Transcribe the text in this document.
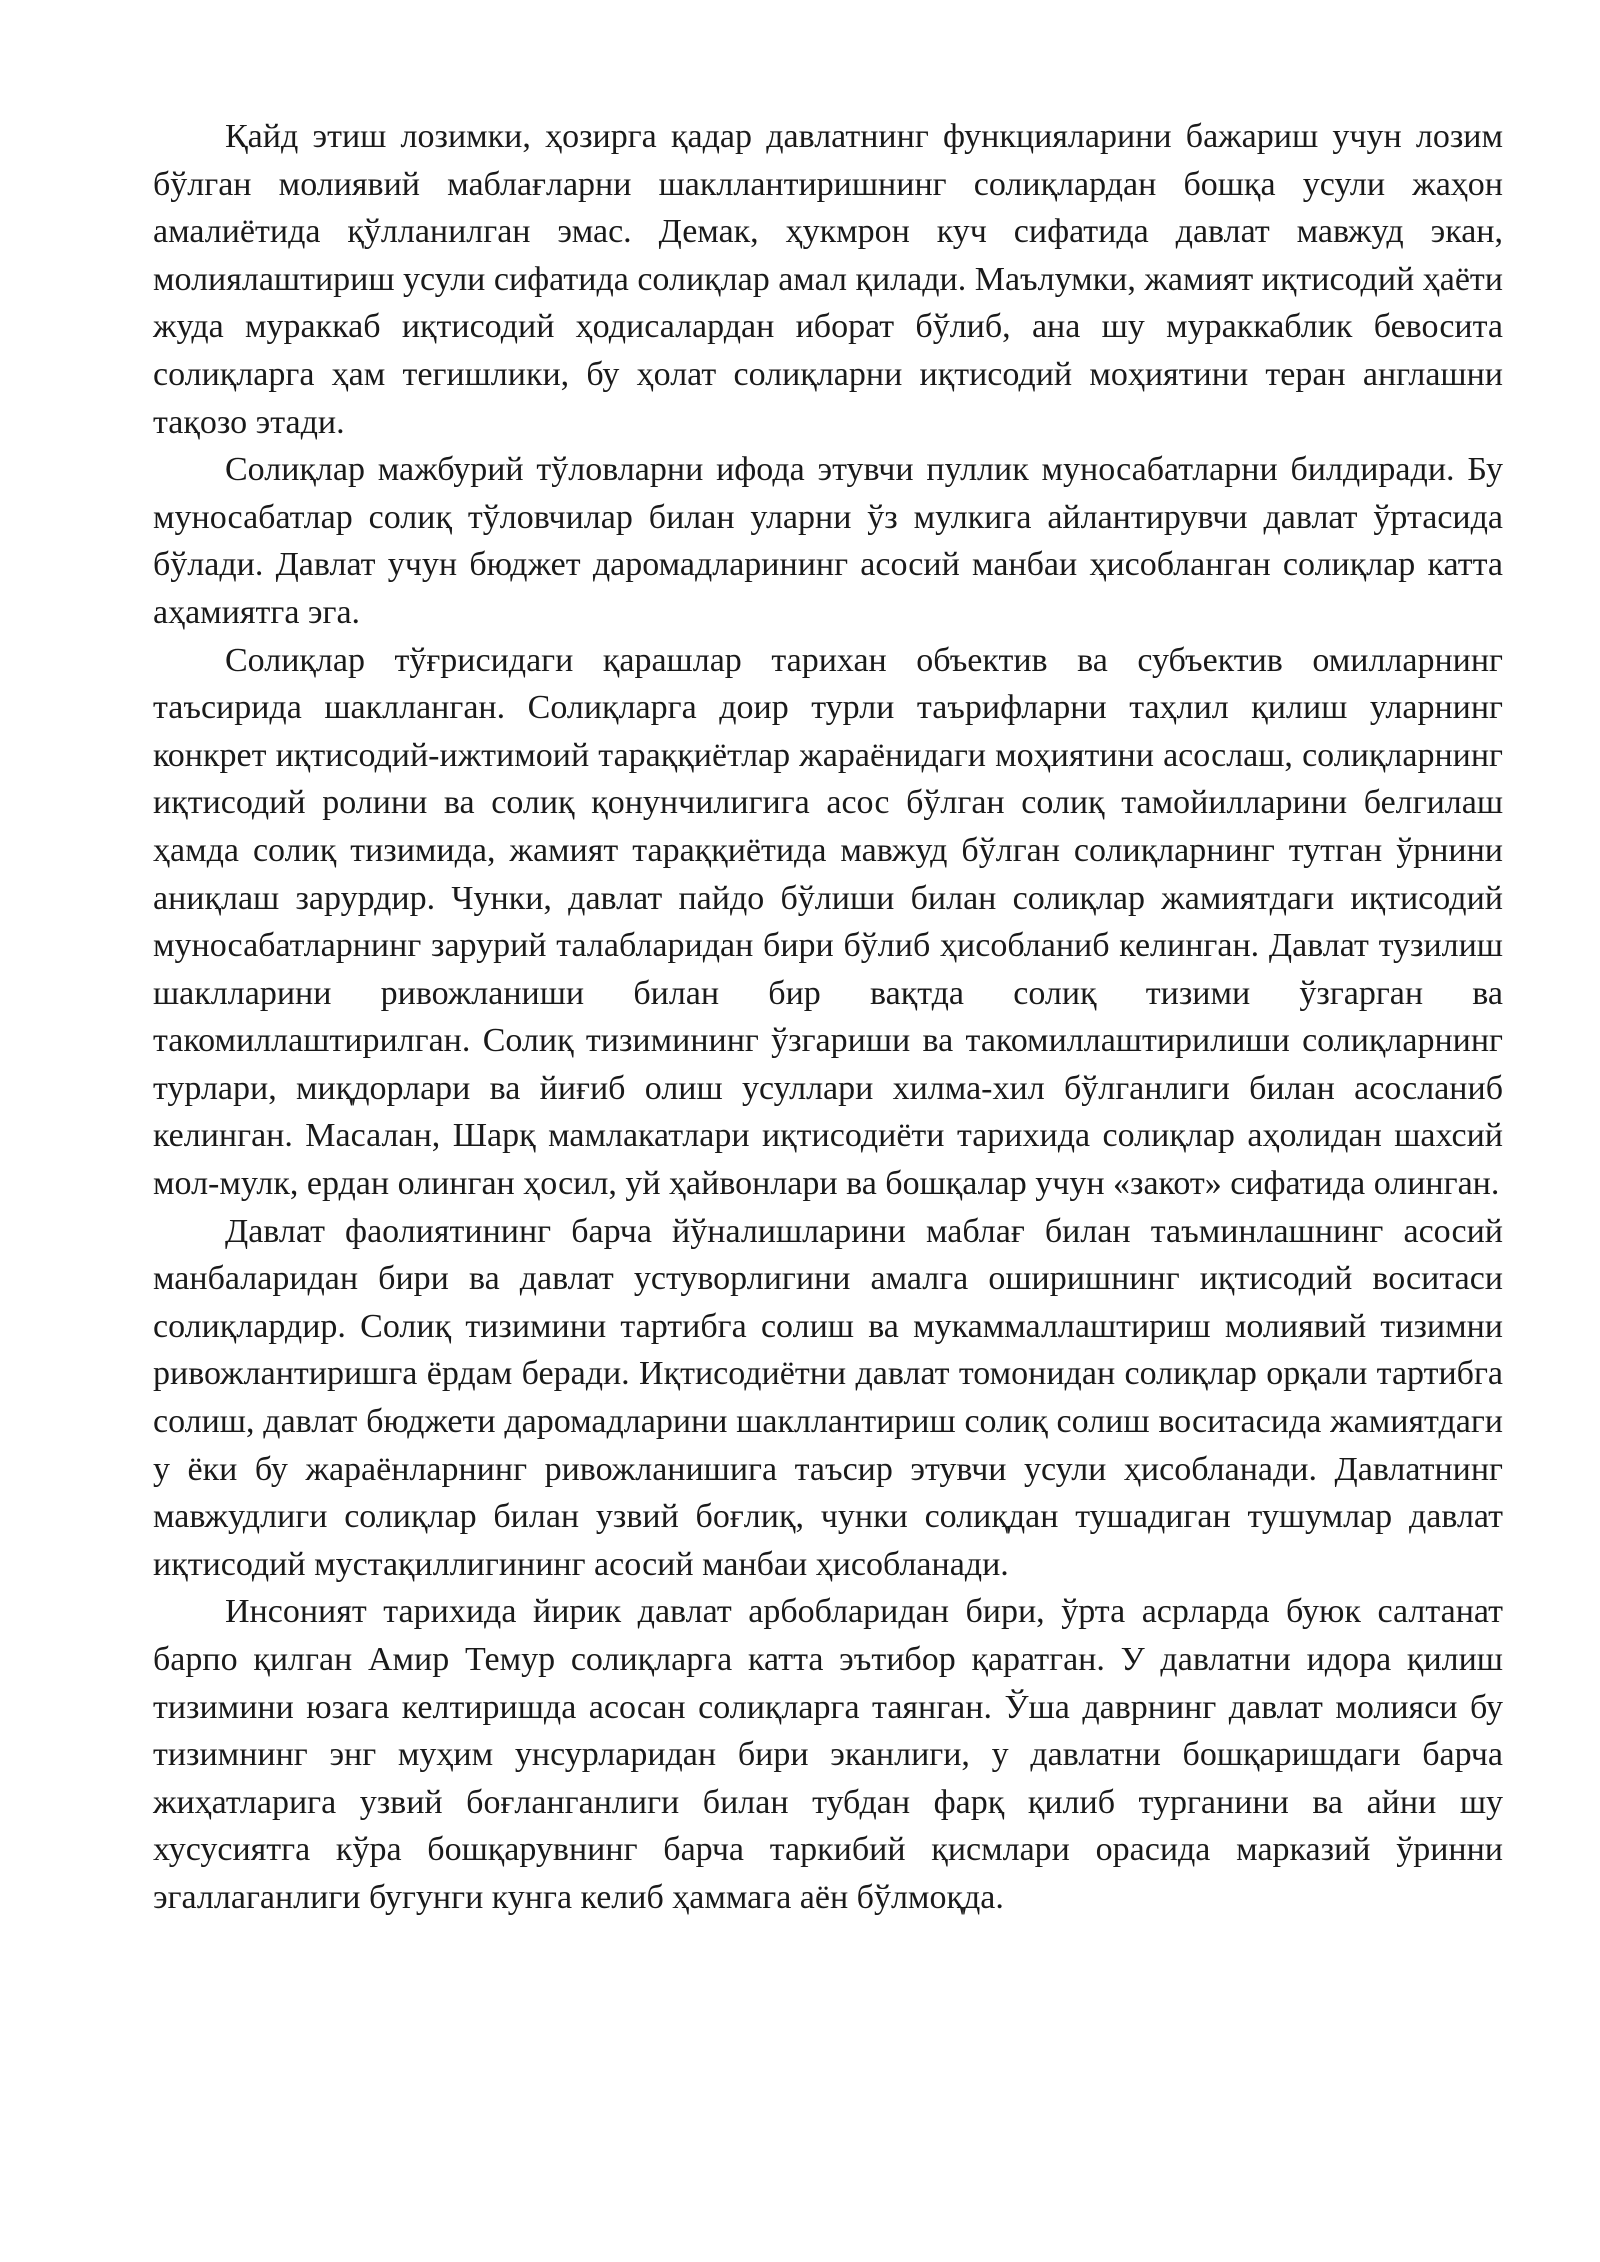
Қайд этиш лозимки, ҳозирга қадар давлатнинг функцияларини бажариш учун лозим бўлган молиявий маблағларни шакллантиришнинг солиқлардан бошқа усули жаҳон амалиётида қўлланилган эмас. Демак, ҳукмрон куч сифатида давлат мавжуд экан, молиялаштириш усули сифатида солиқлар амал қилади. Маълумки, жамият иқтисодий ҳаёти жуда мураккаб иқтисодий ҳодисалардан иборат бўлиб, ана шу мураккаблик бевосита солиқларга ҳам тегишлики, бу ҳолат солиқларни иқтисодий моҳиятини теран англашни тақозо этади.

Солиқлар мажбурий тўловларни ифода этувчи пуллик муносабатларни билдиради. Бу муносабатлар солиқ тўловчилар билан уларни ўз мулкига айлантирувчи давлат ўртасида бўлади. Давлат учун бюджет даромадларининг асосий манбаи ҳисобланган солиқлар катта аҳамиятга эга.

Солиқлар тўғрисидаги қарашлар тарихан объектив ва субъектив омилларнинг таъсирида шаклланган. Солиқларга доир турли таърифларни таҳлил қилиш уларнинг конкрет иқтисодий-ижтимоий тараққиётлар жараёнидаги моҳиятини асослаш, солиқларнинг иқтисодий ролини ва солиқ қонунчилигига асос бўлган солиқ тамойилларини белгилаш ҳамда солиқ тизимида, жамият тараққиётида мавжуд бўлган солиқларнинг тутган ўрнини аниқлаш зарурдир. Чунки, давлат пайдо бўлиши билан солиқлар жамиятдаги иқтисодий муносабатларнинг зарурий талабларидан бири бўлиб ҳисобланиб келинган. Давлат тузилиш шаклларини ривожланиши билан бир вақтда солиқ тизими ўзгарган ва такомиллаштирилган. Солиқ тизимининг ўзгариши ва такомиллаштирилиши солиқларнинг турлари, миқдорлари ва йиғиб олиш усуллари хилма-хил бўлганлиги билан асосланиб келинган. Масалан, Шарқ мамлакатлари иқтисодиёти тарихида солиқлар аҳолидан шахсий мол-мулк, ердан олинган ҳосил, уй ҳайвонлари ва бошқалар учун «закот» сифатида олинган.

Давлат фаолиятининг барча йўналишларини маблағ билан таъминлашнинг асосий манбаларидан бири ва давлат устуворлигини амалга оширишнинг иқтисодий воситаси солиқлардир. Солиқ тизимини тартибга солиш ва мукаммаллаштириш молиявий тизимни ривожлантиришга ёрдам беради. Иқтисодиётни давлат томонидан солиқлар орқали тартибга солиш, давлат бюджети даромадларини шакллантириш солиқ солиш воситасида жамиятдаги у ёки бу жараёнларнинг ривожланишига таъсир этувчи усули ҳисобланади. Давлатнинг мавжудлиги солиқлар билан узвий боғлиқ, чунки солиқдан тушадиган тушумлар давлат иқтисодий мустақиллигининг асосий манбаи ҳисобланади.

Инсоният тарихида йирик давлат арбобларидан бири, ўрта асрларда буюк салтанат барпо қилган Амир Темур солиқларга катта эътибор қаратган. У давлатни идора қилиш тизимини юзага келтиришда асосан солиқларга таянган. Ўша даврнинг давлат молияси бу тизимнинг энг муҳим унсурларидан бири эканлиги, у давлатни бошқаришдаги барча жиҳатларига узвий боғланганлиги билан тубдан фарқ қилиб турганини ва айни шу хусусиятга кўра бошқарувнинг барча таркибий қисмлари орасида марказий ўринни эгаллаганлиги бугунги кунга келиб ҳаммага аён бўлмоқда.
